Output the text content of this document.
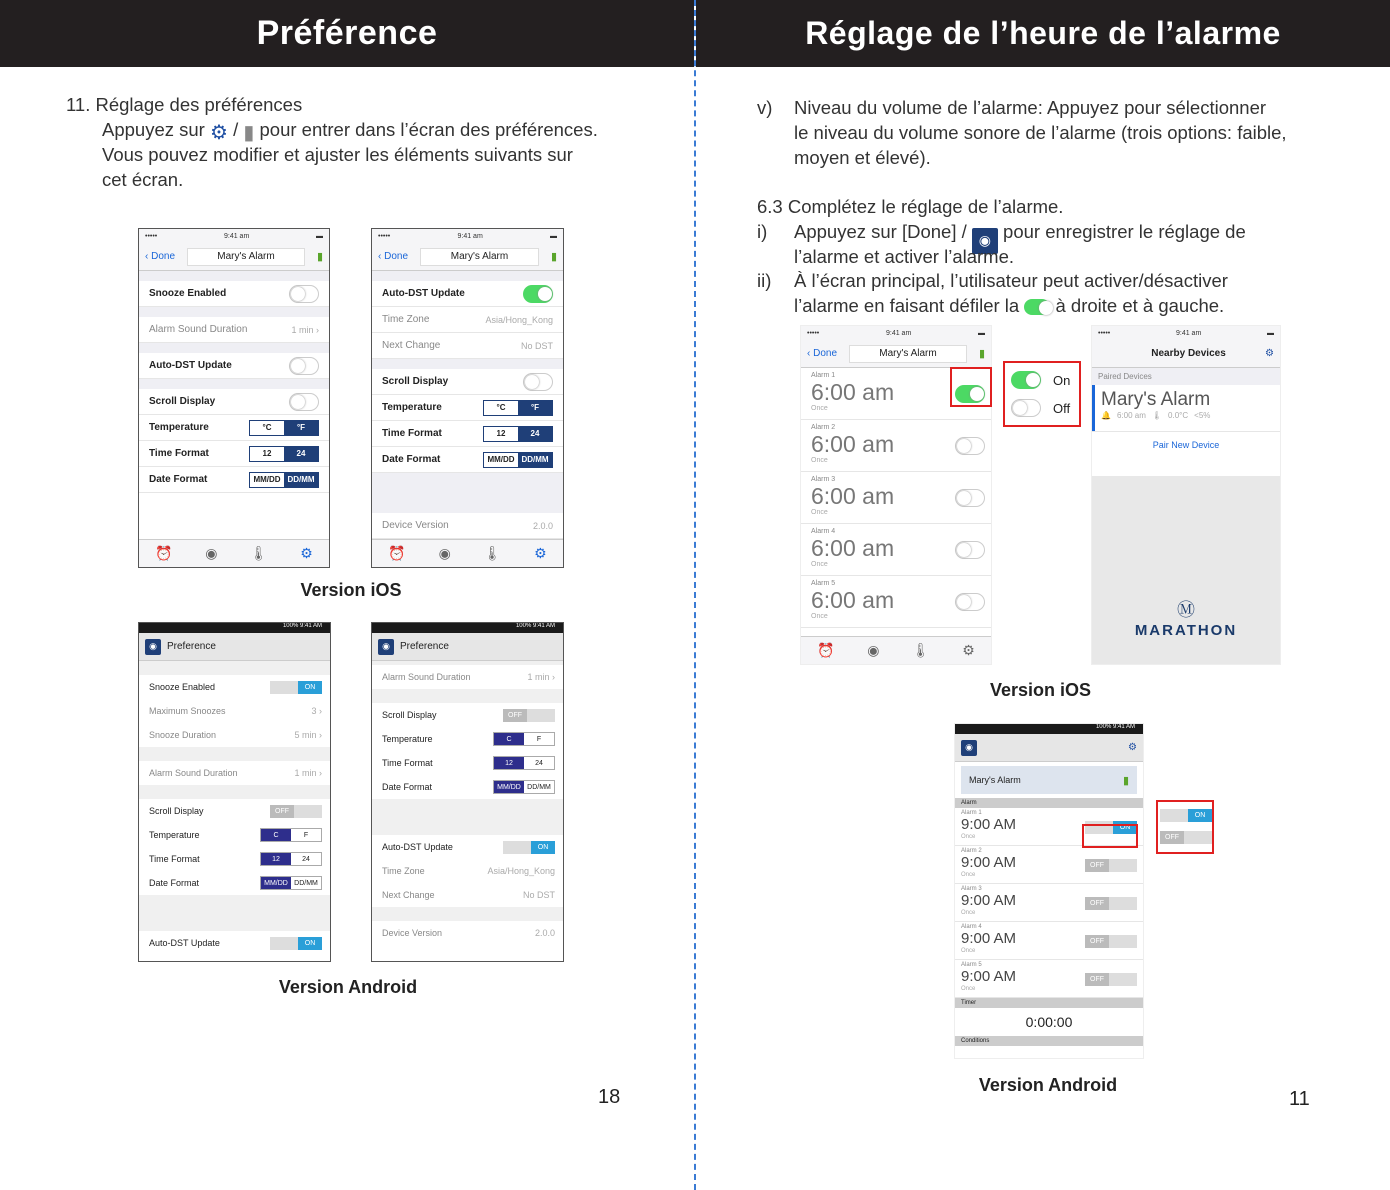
Préférence
11. Réglage des préférences
Appuyez sur ⚙ / ▮ pour entrer dans l’écran des préférences.
Vous pouvez modifier et ajuster les éléments suivants sur
cet écran.
•••••	9:41 am	▬
‹ Done	Mary's Alarm	▮
Snooze Enabled
Alarm Sound Duration	1 min ›
Auto-DST Update
Scroll Display
Temperature	°C	°F
Time Format	12	24
Date Format	MM/DD DD/MM
⏰ ◉ 🌡 ⚙
•••••	9:41 am	▬
‹ Done	Mary's Alarm	▮
Auto-DST Update
Time Zone	Asia/Hong_Kong
Next Change	No DST
Scroll Display
Temperature	°C	°F
Time Format	12	24
Date Format	MM/DD DD/MM
Device Version	2.0.0
⏰ ◉ 🌡 ⚙
Version iOS
100% 9:41 AM
◉	Preference
Snooze Enabled	ON
Maximum Snoozes	3 ›
Snooze Duration	5 min ›
Alarm Sound Duration	1 min ›
Scroll Display	OFF
Temperature	C	F
Time Format	12	24
Date Format	MM/DD DD/MM
Auto-DST Update	ON
100% 9:41 AM
◉	Preference
Alarm Sound Duration	1 min ›
Scroll Display	OFF
Temperature	C	F
Time Format	12	24
Date Format	MM/DD DD/MM
Auto-DST Update	ON
Time Zone	Asia/Hong_Kong
Next Change	No DST
Device Version	2.0.0
Version Android
18
Réglage de l’heure de l’alarme
v) Niveau du volume de l’alarme: Appuyez pour sélectionner
le niveau du volume sonore de l’alarme (trois options: faible,
moyen et élevé).
6.3 Complétez le réglage de l’alarme.
i) Appuyez sur [Done] / ◉ pour enregistrer le réglage de
l’alarme et activer l’alarme.
ii) À l’écran principal, l’utilisateur peut activer/désactiver
l’alarme en faisant défiler la à droite et à gauche.
•••••	9:41 am	▬
‹ Done	Mary's Alarm	▮
Alarm 1
6:00 am
Once
Alarm 2
6:00 am
Once
Alarm 3
6:00 am
Once
Alarm 4
6:00 am
Once
Alarm 5
6:00 am
Once
⏰ ◉ 🌡 ⚙
On
Off
•••••	9:41 am	▬
Nearby Devices	⚙
Paired Devices
Mary's Alarm
🔔 6:00 am 🌡 0.0°C <5%
Pair New Device
Ⓜ
MARATHON
Version iOS
100% 9:41 AM
◉	⚙
Mary's Alarm	▮
Alarm
Alarm 1
9:00 AM
Once
ON
Alarm 2
9:00 AM
Once
OFF
Alarm 3
9:00 AM
Once
OFF
Alarm 4
9:00 AM
Once
OFF
Alarm 5
9:00 AM
Once
OFF
Timer
0:00:00
Conditions
ON
OFF
Version Android
11
